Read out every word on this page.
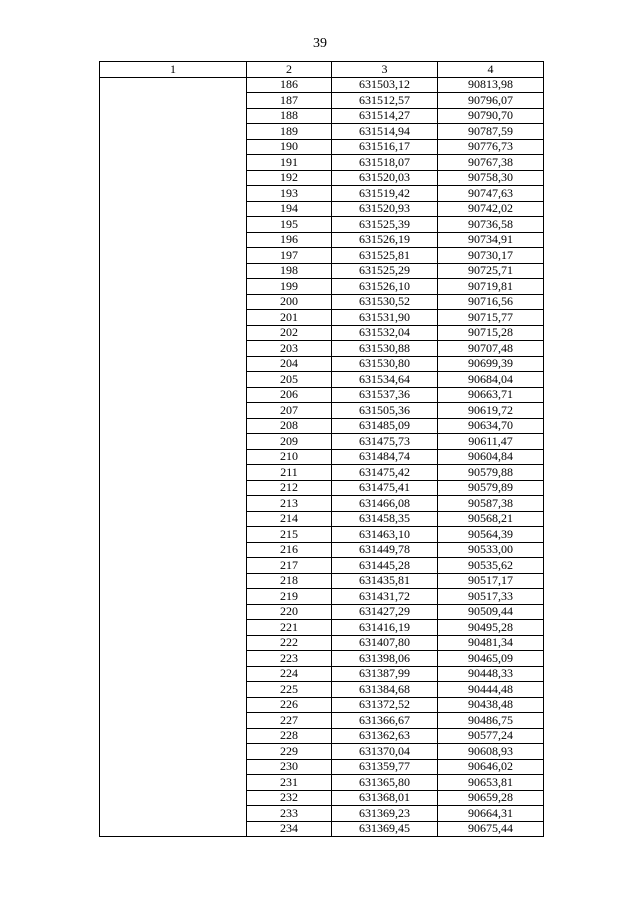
39
1	2	3	4
	186	631503,12	90813,98
	187	631512,57	90796,07
	188	631514,27	90790,70
	189	631514,94	90787,59
	190	631516,17	90776,73
	191	631518,07	90767,38
	192	631520,03	90758,30
	193	631519,42	90747,63
	194	631520,93	90742,02
	195	631525,39	90736,58
	196	631526,19	90734,91
	197	631525,81	90730,17
	198	631525,29	90725,71
	199	631526,10	90719,81
	200	631530,52	90716,56
	201	631531,90	90715,77
	202	631532,04	90715,28
	203	631530,88	90707,48
	204	631530,80	90699,39
	205	631534,64	90684,04
	206	631537,36	90663,71
	207	631505,36	90619,72
	208	631485,09	90634,70
	209	631475,73	90611,47
	210	631484,74	90604,84
	211	631475,42	90579,88
	212	631475,41	90579,89
	213	631466,08	90587,38
	214	631458,35	90568,21
	215	631463,10	90564,39
	216	631449,78	90533,00
	217	631445,28	90535,62
	218	631435,81	90517,17
	219	631431,72	90517,33
	220	631427,29	90509,44
	221	631416,19	90495,28
	222	631407,80	90481,34
	223	631398,06	90465,09
	224	631387,99	90448,33
	225	631384,68	90444,48
	226	631372,52	90438,48
	227	631366,67	90486,75
	228	631362,63	90577,24
	229	631370,04	90608,93
	230	631359,77	90646,02
	231	631365,80	90653,81
	232	631368,01	90659,28
	233	631369,23	90664,31
	234	631369,45	90675,44
